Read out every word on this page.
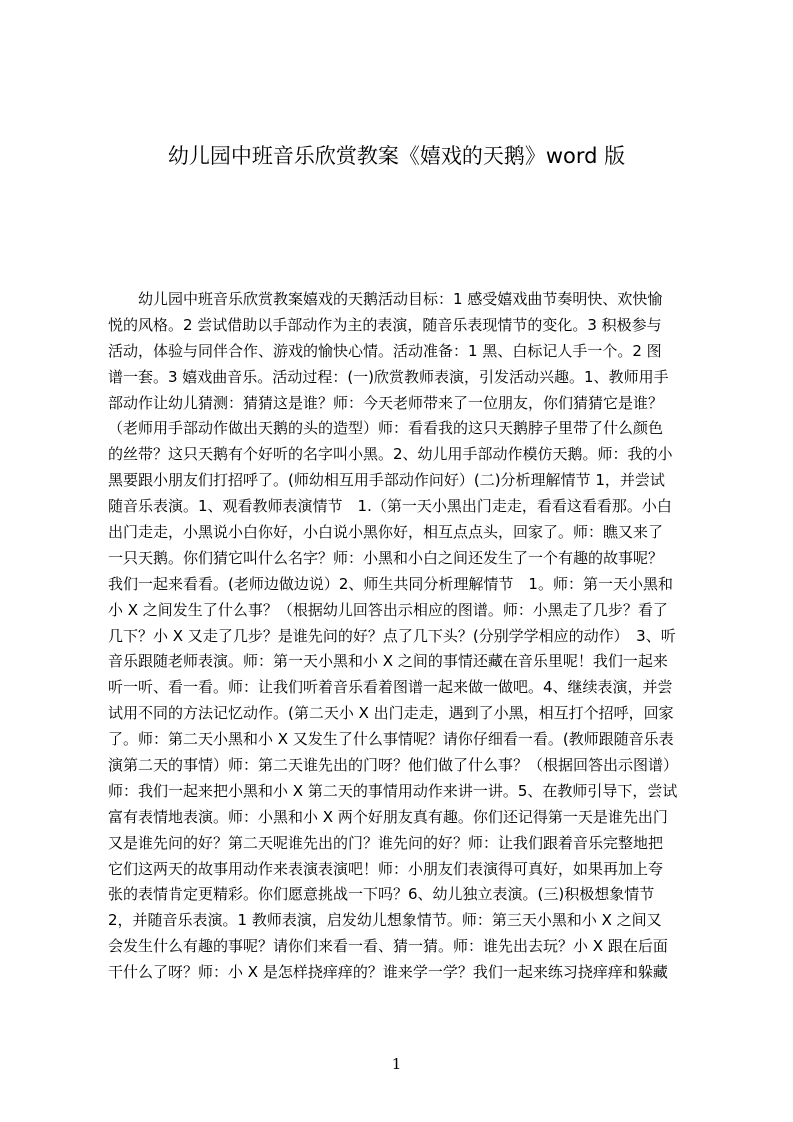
幼儿园中班音乐欣赏教案《嬉戏的天鹅》word 版
　　幼儿园中班音乐欣赏教案嬉戏的天鹅活动目标：1 感受嬉戏曲节奏明快、欢快愉
悦的风格。2 尝试借助以手部动作为主的表演，随音乐表现情节的变化。3 积极参与
活动，体验与同伴合作、游戏的愉快心情。活动准备：1 黑、白标记人手一个。2 图
谱一套。3 嬉戏曲音乐。活动过程：(一)欣赏教师表演，引发活动兴趣。1、教师用手
部动作让幼儿猜测：猜猜这是谁？师：今天老师带来了一位朋友，你们猜猜它是谁？
（老师用手部动作做出天鹅的头的造型）师：看看我的这只天鹅脖子里带了什么颜色
的丝带？这只天鹅有个好听的名字叫小黑。2、幼儿用手部动作模仿天鹅。师：我的小
黑要跟小朋友们打招呼了。(师幼相互用手部动作问好）(二)分析理解情节 1，并尝试
随音乐表演。1、观看教师表演情节　1.（第一天小黑出门走走，看看这看看那。小白
出门走走，小黑说小白你好，小白说小黑你好，相互点点头，回家了。师：瞧又来了
一只天鹅。你们猜它叫什么名字？师：小黑和小白之间还发生了一个有趣的故事呢？
我们一起来看看。(老师边做边说）2、师生共同分析理解情节　1。师：第一天小黑和
小 X 之间发生了什么事？（根据幼儿回答出示相应的图谱。师：小黑走了几步？看了
几下？小 X 又走了几步？是谁先问的好？点了几下头？(分别学学相应的动作）　3、听
音乐跟随老师表演。师：第一天小黑和小 X 之间的事情还藏在音乐里呢！我们一起来
听一听、看一看。师：让我们听着音乐看着图谱一起来做一做吧。4、继续表演，并尝
试用不同的方法记忆动作。(第二天小 X 出门走走，遇到了小黑，相互打个招呼，回家
了。师：第二天小黑和小 X 又发生了什么事情呢？请你仔细看一看。(教师跟随音乐表
演第二天的事情）师：第二天谁先出的门呀？他们做了什么事？（根据回答出示图谱）
师：我们一起来把小黑和小 X 第二天的事情用动作来讲一讲。5、在教师引导下，尝试
富有表情地表演。师：小黑和小 X 两个好朋友真有趣。你们还记得第一天是谁先出门
又是谁先问的好？第二天呢谁先出的门？谁先问的好？师：让我们跟着音乐完整地把
它们这两天的故事用动作来表演表演吧！师：小朋友们表演得可真好，如果再加上夸
张的表情肯定更精彩。你们愿意挑战一下吗？6、幼儿独立表演。(三)积极想象情节
2，并随音乐表演。1 教师表演，启发幼儿想象情节。师：第三天小黑和小 X 之间又
会发生什么有趣的事呢？请你们来看一看、猜一猜。师：谁先出去玩？小 X 跟在后面
干什么了呀？师：小 X 是怎样挠痒痒的？谁来学一学？我们一起来练习挠痒痒和躲藏
1
